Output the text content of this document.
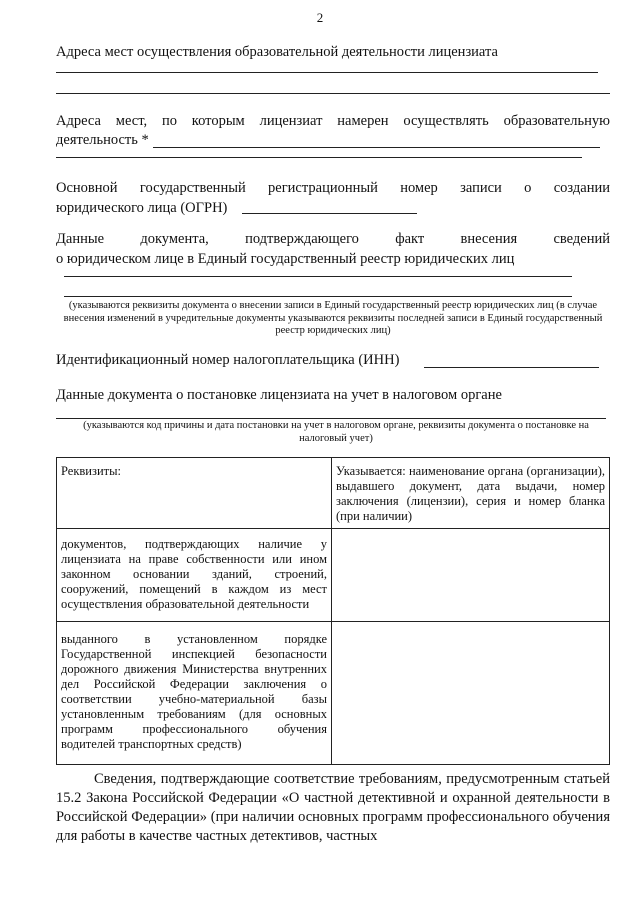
2
Адреса мест осуществления образовательной деятельности лицензиата
Адреса мест, по которым лицензиат намерен осуществлять образовательную
деятельность *
Основной государственный регистрационный номер записи о создании
юридического лица (ОГРН)
Данные документа, подтверждающего факт внесения сведений
о юридическом лице в Единый государственный реестр юридических лиц
(указываются реквизиты документа о внесении записи в Единый государственный реестр юридических лиц (в случае внесения изменений в учредительные документы указываются реквизиты последней записи в Единый государственный реестр юридических лиц)
Идентификационный номер налогоплательщика (ИНН)
Данные документа о постановке лицензиата на учет в налоговом органе
(указываются код причины и дата постановки на учет в налоговом органе, реквизиты документа о постановке на налоговый учет)
Реквизиты:	Указывается: наименование органа (организации), выдавшего документ, дата выдачи, номер заключения (лицензии), серия и номер бланка (при наличии)
документов, подтверждающих наличие у лицензиата на праве собственности или ином законном основании зданий, строений, сооружений, помещений в каждом из мест осуществления образовательной деятельности	
выданного в установленном порядке Государственной инспекцией безопасности дорожного движения Министерства внутренних дел Российской Федерации заключения о соответствии учебно-материальной базы установленным требованиям (для основных программ профессионального обучения водителей транспортных средств)	
Сведения, подтверждающие соответствие требованиям, предусмотренным статьей 15.2 Закона Российской Федерации «О частной детективной и охранной деятельности в Российской Федерации» (при наличии основных программ профессионального обучения для работы в качестве частных детективов, частных
